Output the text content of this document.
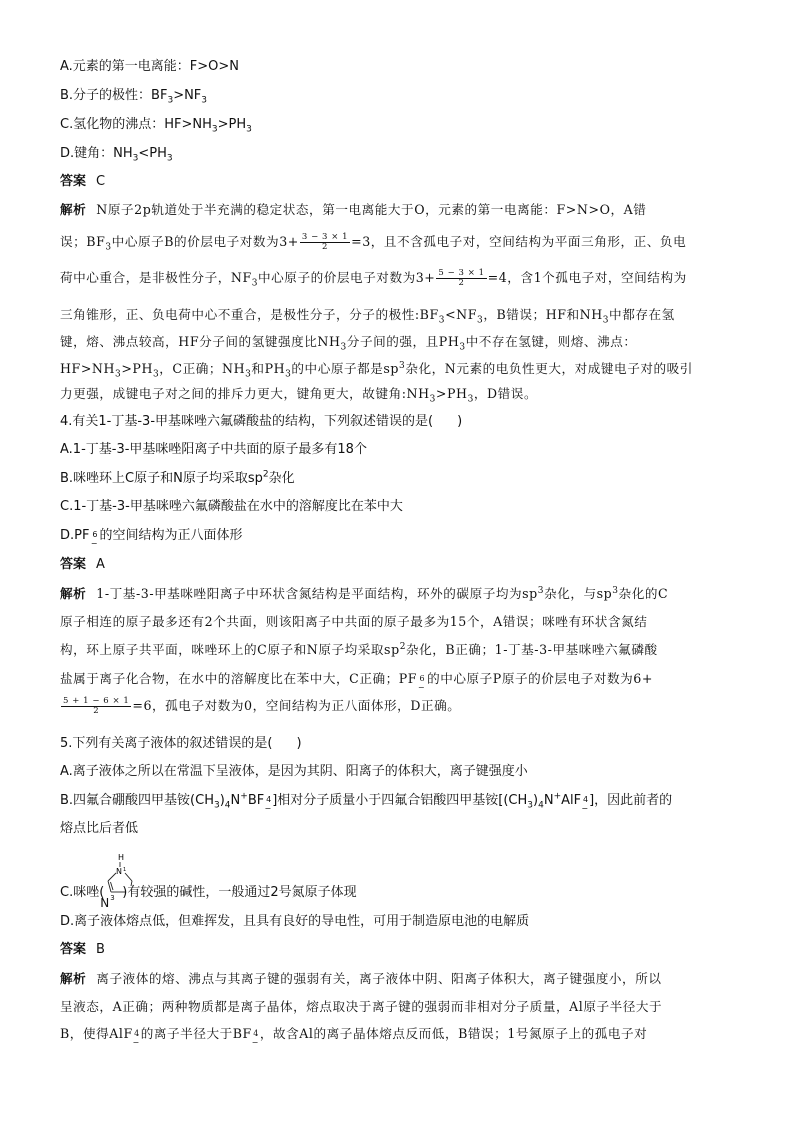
A.元素的第一电离能：F>O>N
B.分子的极性：$BF_3>NF_3$
C.氢化物的沸点：$HF>NH_3>PH_3$
D.键角：$NH_3<PH_3$
答案 C
解析 N原子2p轨道处于半充满的稳定状态，第一电离能大于O，元素的第一电离能：F>N>O，A错
误；$BF_3$中心原子B的价层电子对数为$3+ \frac{3 - 3 \times 1}{2} =3$，且不含孤电子对，空间结构为平面三角形，正、负电
荷中心重合，是非极性分子，$NF_3$中心原子的价层电子对数为$3+ \frac{5 - 3 \times 1}{2} =4$，含1个孤电子对，空间结构为
三角锥形，正、负电荷中心不重合，是极性分子，分子的极性$:BF_3<NF_3$，B错误；HF和$NH_3$中都存在氢
键，熔、沸点较高，HF分子间的氢键强度比$NH_3$分子间的强，且$PH_3$中不存在氢键，则熔、沸点：
$HF>NH_3>PH_3$，C正确；$NH_3$和$PH_3$的中心原子都是$sp^3$杂化，N元素的电负性更大，对成键电子对的吸引
力更强，成键电子对之间的排斥力更大，键角更大，故键角$:NH_3>PH_3$，D错误。
4.有关1-丁基-3-甲基咪唑六氟磷酸盐的结构，下列叙述错误的是( )
A.1-丁基-3-甲基咪唑阳离子中共面的原子最多有18个
B.咪唑环上C原子和N原子均采取$sp^2$杂化
C.1-丁基-3-甲基咪唑六氟磷酸盐在水中的溶解度比在苯中大
D.PF
−
6 的空间结构为正八面体形
答案 A
解析 1-丁基-3-甲基咪唑阳离子中环状含氮结构是平面结构，环外的碳原子均为$sp^3$杂化，与$sp^3$杂化的C
原子相连的原子最多还有2个共面，则该阳离子中共面的原子最多为15个，A错误；咪唑有环状含氮结
构，环上原子共平面，咪唑环上的C原子和N原子均采取$sp^2$杂化，B正确；1-丁基-3-甲基咪唑六氟磷酸
盐属于离子化合物，在水中的溶解度比在苯中大，C正确；PF
−
6 的中心原子P原子的价层电子对数为6+
$\frac{5 + 1 - 6 \times 1}{2} =6$，孤电子对数为0，空间结构为正八面体形，D正确。
5.下列有关离子液体的叙述错误的是( )
A.离子液体之所以在常温下呈液体，是因为其阴、阳离子的体积大，离子键强度小
B.四氟合硼酸四甲基铵$(CH_3)_4N^+BF$
−
4 ]相对分子质量小于四氟合铝酸四甲基铵[$(CH_3)_4N^+AlF$
−
4 ]，因此前者的
熔点比后者低
H
N 1
C.咪唑(
N 3 )有较强的碱性，一般通过2号氮原子体现
D.离子液体熔点低，但难挥发，且具有良好的导电性，可用于制造原电池的电解质
答案 B
解析 离子液体的熔、沸点与其离子键的强弱有关，离子液体中阴、阳离子体积大，离子键强度小，所以
呈液态，A正确；两种物质都是离子晶体，熔点取决于离子键的强弱而非相对分子质量，Al原子半径大于
B，使得AlF
−
4 的离子半径大于BF
−
4 ，故含Al的离子晶体熔点反而低，B错误；1号氮原子上的孤电子对
